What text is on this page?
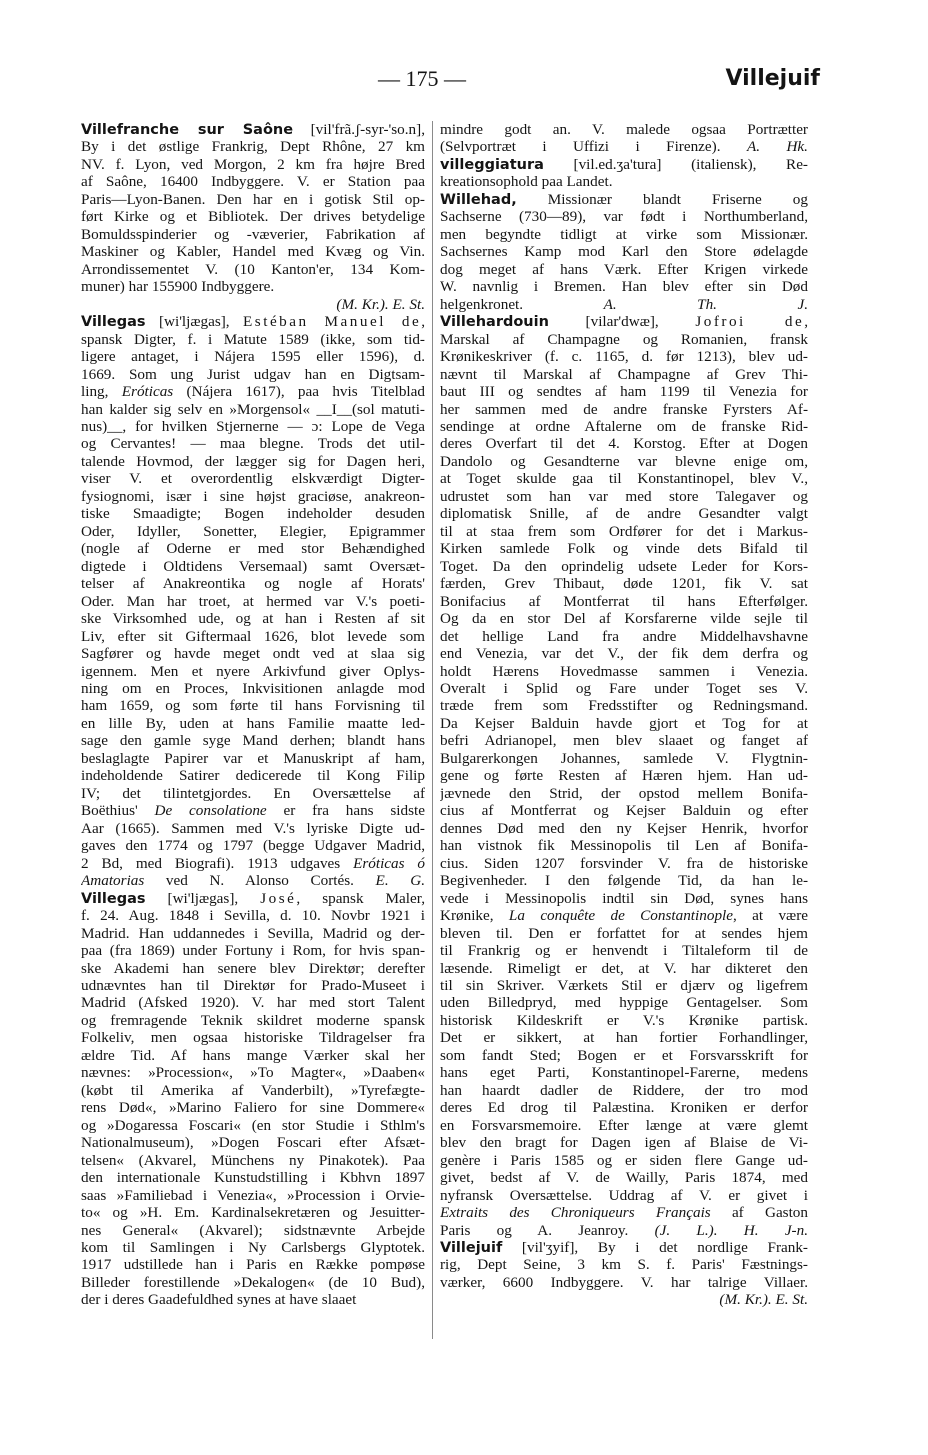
— 175 —	Villejuif
Villefranche sur Saône [vil'frã.ʃ-syr-'so.n],
By i det østlige Frankrig, Dept Rhône, 27 km
NV. f. Lyon, ved Morgon, 2 km fra højre Bred
af Saône, 16400 Indbyggere. V. er Station paa
Paris—Lyon-Banen. Den har en i gotisk Stil op-
ført Kirke og et Bibliotek. Der drives betydelige
Bomuldsspinderier og -væverier, Fabrikation af
Maskiner og Kabler, Handel med Kvæg og Vin.
Arrondissementet V. (10 Kanton'er, 134 Kom-
muner) har 155900 Indbyggere.
(M. Kr.). E. St.
Villegas [wi'ljægas], Estéban Manuel de,
spansk Digter, f. i Matute 1589 (ikke, som tid-
ligere antaget, i Nájera 1595 eller 1596), d.
1669. Som ung Jurist udgav han en Digtsam-
ling, Eróticas (Nájera 1617), paa hvis Titelblad
han kalder sig selv en »Morgensol« __I__(sol matuti-
nus)__, for hvilken Stjernerne — ɔ: Lope de Vega
og Cervantes! — maa blegne. Trods det util-
talende Hovmod, der lægger sig for Dagen heri,
viser V. et overordentlig elskværdigt Digter-
fysiognomi, især i sine højst graciøse, anakreon-
tiske Smaadigte; Bogen indeholder desuden
Oder, Idyller, Sonetter, Elegier, Epigrammer
(nogle af Oderne er med stor Behændighed
digtede i Oldtidens Versemaal) samt Oversæt-
telser af Anakreontika og nogle af Horats'
Oder. Man har troet, at hermed var V.'s poeti-
ske Virksomhed ude, og at han i Resten af sit
Liv, efter sit Giftermaal 1626, blot levede som
Sagfører og havde meget ondt ved at slaa sig
igennem. Men et nyere Arkivfund giver Oplys-
ning om en Proces, Inkvisitionen anlagde mod
ham 1659, og som førte til hans Forvisning til
en lille By, uden at hans Familie maatte led-
sage den gamle syge Mand derhen; blandt hans
beslaglagte Papirer var et Manuskript af ham,
indeholdende Satirer dedicerede til Kong Filip
IV; det tilintetgjordes. En Oversættelse af
Boëthius' De consolatione er fra hans sidste
Aar (1665). Sammen med V.'s lyriske Digte ud-
gaves den 1774 og 1797 (begge Udgaver Madrid,
2 Bd, med Biografi). 1913 udgaves Eróticas ó
Amatorias ved N. Alonso Cortés. E. G.
Villegas [wi'ljægas], José, spansk Maler,
f. 24. Aug. 1848 i Sevilla, d. 10. Novbr 1921 i
Madrid. Han uddannedes i Sevilla, Madrid og der-
paa (fra 1869) under Fortuny i Rom, for hvis span-
ske Akademi han senere blev Direktør; derefter
udnævntes han til Direktør for Prado-Museet i
Madrid (Afsked 1920). V. har med stort Talent
og fremragende Teknik skildret moderne spansk
Folkeliv, men ogsaa historiske Tildragelser fra
ældre Tid. Af hans mange Værker skal her
nævnes: »Procession«, »To Magter«, »Daaben«
(købt til Amerika af Vanderbilt), »Tyrefægte-
rens Død«, »Marino Faliero for sine Dommere«
og »Dogaressa Foscari« (en stor Studie i Sthlm's
Nationalmuseum), »Dogen Foscari efter Afsæt-
telsen« (Akvarel, Münchens ny Pinakotek). Paa
den internationale Kunstudstilling i Kbhvn 1897
saas »Familiebad i Venezia«, »Procession i Orvie-
to« og »H. Em. Kardinalsekretæren og Jesuitter-
nes General« (Akvarel); sidstnævnte Arbejde
kom til Samlingen i Ny Carlsbergs Glyptotek.
1917 udstillede han i Paris en Række pompøse
Billeder forestillende »Dekalogen« (de 10 Bud),
der i deres Gaadefuldhed synes at have slaaet
mindre godt an. V. malede ogsaa Portrætter
(Selvportræt i Uffizi i Firenze). A. Hk.
villeggiatura [vil.ed.ʒa'tura] (italiensk), Re-
kreationsophold paa Landet.
Willehad, Missionær blandt Friserne og
Sachserne (730—89), var født i Northumberland,
men begyndte tidligt at virke som Missionær.
Sachsernes Kamp mod Karl den Store ødelagde
dog meget af hans Værk. Efter Krigen virkede
W. navnlig i Bremen. Han blev efter sin Død
helgenkronet. A. Th. J.
Villehardouin [vilar'dwæ], Jofroi de,
Marskal af Champagne og Romanien, fransk
Krønikeskriver (f. c. 1165, d. før 1213), blev ud-
nævnt til Marskal af Champagne af Grev Thi-
baut III og sendtes af ham 1199 til Venezia for
her sammen med de andre franske Fyrsters Af-
sendinge at ordne Aftalerne om de franske Rid-
deres Overfart til det 4. Korstog. Efter at Dogen
Dandolo og Gesandterne var blevne enige om,
at Toget skulde gaa til Konstantinopel, blev V.,
udrustet som han var med store Talegaver og
diplomatisk Snille, af de andre Gesandter valgt
til at staa frem som Ordfører for det i Markus-
Kirken samlede Folk og vinde dets Bifald til
Toget. Da den oprindelig udsete Leder for Kors-
færden, Grev Thibaut, døde 1201, fik V. sat
Bonifacius af Montferrat til hans Efterfølger.
Og da en stor Del af Korsfarerne vilde sejle til
det hellige Land fra andre Middelhavshavne
end Venezia, var det V., der fik dem derfra og
holdt Hærens Hovedmasse sammen i Venezia.
Overalt i Splid og Fare under Toget ses V.
træde frem som Fredsstifter og Redningsmand.
Da Kejser Balduin havde gjort et Tog for at
befri Adrianopel, men blev slaaet og fanget af
Bulgarerkongen Johannes, samlede V. Flygtnin-
gene og førte Resten af Hæren hjem. Han ud-
jævnede den Strid, der opstod mellem Bonifa-
cius af Montferrat og Kejser Balduin og efter
dennes Død med den ny Kejser Henrik, hvorfor
han vistnok fik Messinopolis til Len af Bonifa-
cius. Siden 1207 forsvinder V. fra de historiske
Begivenheder. I den følgende Tid, da han le-
vede i Messinopolis indtil sin Død, synes hans
Krønike, La conquête de Constantinople, at være
bleven til. Den er forfattet for at sendes hjem
til Frankrig og er henvendt i Tiltaleform til de
læsende. Rimeligt er det, at V. har dikteret den
til sin Skriver. Værkets Stil er djærv og ligefrem
uden Billedpryd, med hyppige Gentagelser. Som
historisk Kildeskrift er V.'s Krønike partisk.
Det er sikkert, at han fortier Forhandlinger,
som fandt Sted; Bogen er et Forsvarsskrift for
hans eget Parti, Konstantinopel-Farerne, medens
han haardt dadler de Riddere, der tro mod
deres Ed drog til Palæstina. Kroniken er derfor
en Forsvarsmemoire. Efter længe at være glemt
blev den bragt for Dagen igen af Blaise de Vi-
genère i Paris 1585 og er siden flere Gange ud-
givet, bedst af V. de Wailly, Paris 1874, med
nyfransk Oversættelse. Uddrag af V. er givet i
Extraits des Chroniqueurs Français af Gaston
Paris og A. Jeanroy. (J. L.). H. J-n.
Villejuif [vil'ʒyif], By i det nordlige Frank-
rig, Dept Seine, 3 km S. f. Paris' Fæstnings-
værker, 6600 Indbyggere. V. har talrige Villaer.
(M. Kr.). E. St.
